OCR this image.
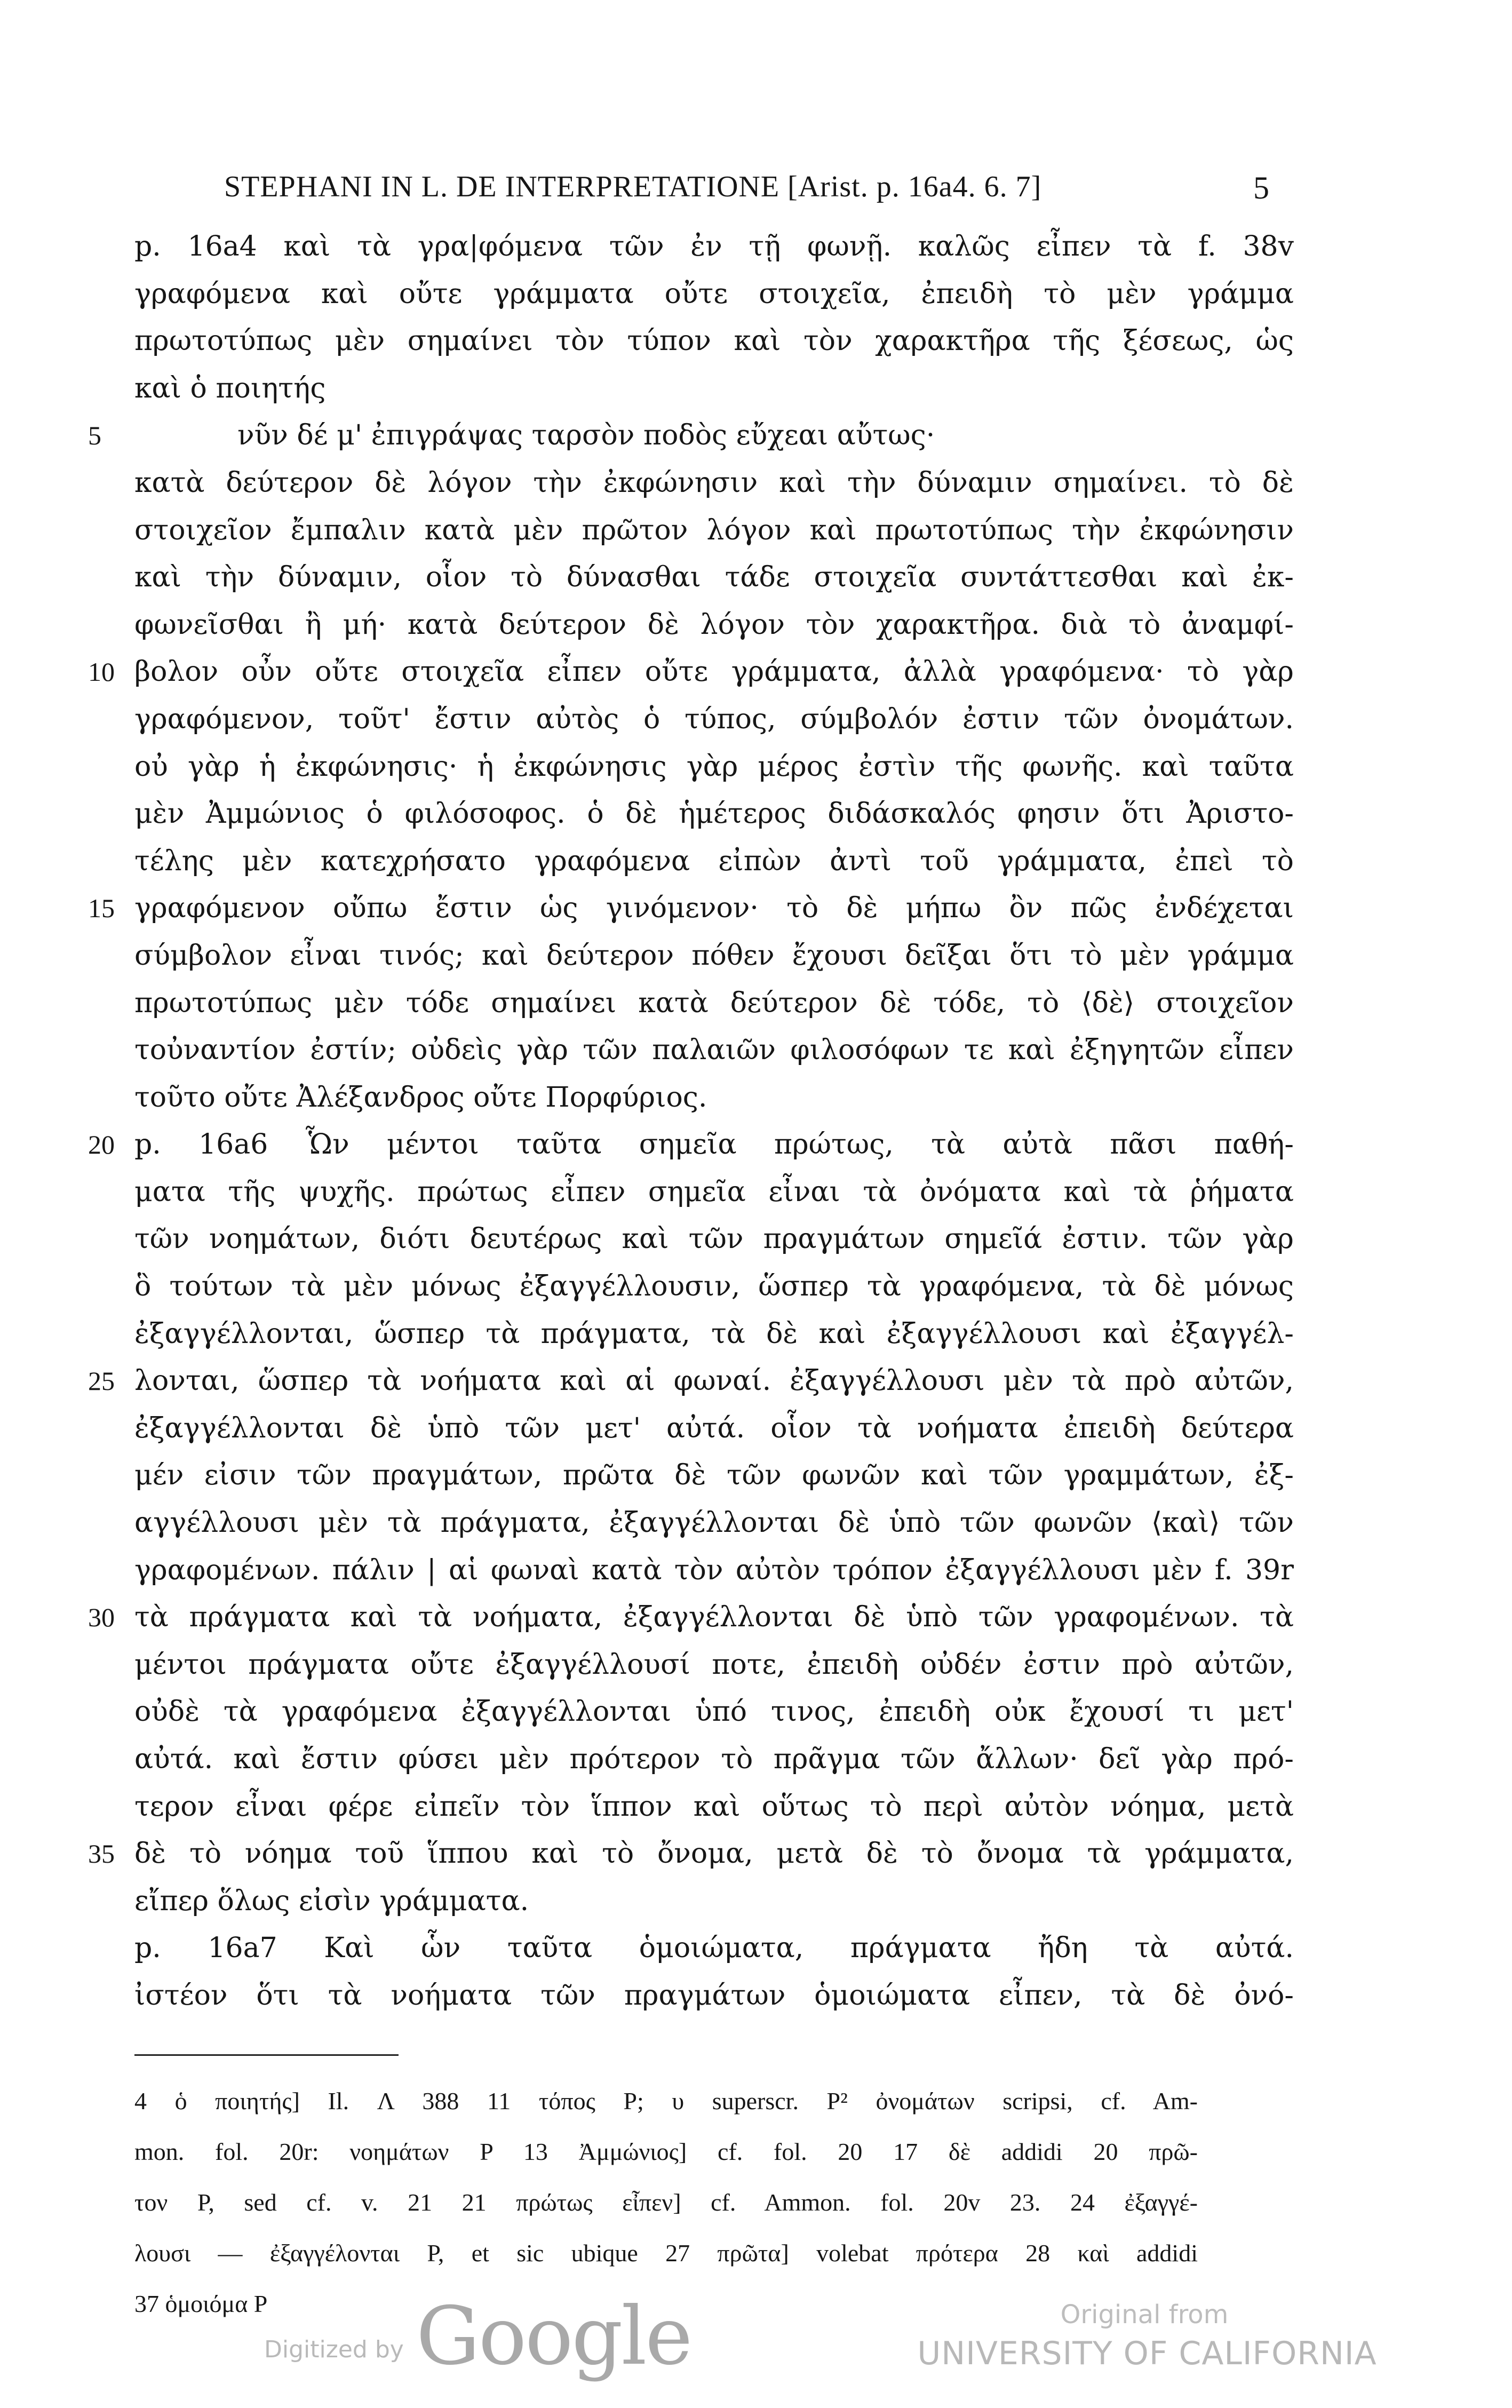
STEPHANI IN L. DE INTERPRETATIONE [Arist. p. 16a4. 6. 7]	5
p. 16a4 καὶ τὰ γρα|φόμενα τῶν ἐν τῇ φωνῇ. καλῶς εἶπεν τὰ f. 38v
γραφόμενα καὶ οὔτε γράμματα οὔτε στοιχεῖα, ἐπειδὴ τὸ μὲν γράμμα
πρωτοτύπως μὲν σημαίνει τὸν τύπον καὶ τὸν χαρακτῆρα τῆς ξέσεως, ὡς
καὶ ὁ ποιητής
5	νῦν δέ μ' ἐπιγράψας ταρσὸν ποδὸς εὔχεαι αὔτως·
κατὰ δεύτερον δὲ λόγον τὴν ἐκφώνησιν καὶ τὴν δύναμιν σημαίνει. τὸ δὲ
στοιχεῖον ἔμπαλιν κατὰ μὲν πρῶτον λόγον καὶ πρωτοτύπως τὴν ἐκφώνησιν
καὶ τὴν δύναμιν, οἷον τὸ δύνασθαι τάδε στοιχεῖα συντάττεσθαι καὶ ἐκ-
φωνεῖσθαι ἢ μή· κατὰ δεύτερον δὲ λόγον τὸν χαρακτῆρα. διὰ τὸ ἀναμφί-
10 βολον οὖν οὔτε στοιχεῖα εἶπεν οὔτε γράμματα, ἀλλὰ γραφόμενα· τὸ γὰρ
γραφόμενον, τοῦτ' ἔστιν αὐτὸς ὁ τύπος, σύμβολόν ἐστιν τῶν ὀνομάτων.
οὐ γὰρ ἡ ἐκφώνησις· ἡ ἐκφώνησις γὰρ μέρος ἐστὶν τῆς φωνῆς. καὶ ταῦτα
μὲν Ἀμμώνιος ὁ φιλόσοφος. ὁ δὲ ἡμέτερος διδάσκαλός φησιν ὅτι Ἀριστο-
τέλης μὲν κατεχρήσατο γραφόμενα εἰπὼν ἀντὶ τοῦ γράμματα, ἐπεὶ τὸ
15 γραφόμενον οὔπω ἔστιν ὡς γινόμενον· τὸ δὲ μήπω ὂν πῶς ἐνδέχεται
σύμβολον εἶναι τινός; καὶ δεύτερον πόθεν ἔχουσι δεῖξαι ὅτι τὸ μὲν γράμμα
πρωτοτύπως μὲν τόδε σημαίνει κατὰ δεύτερον δὲ τόδε, τὸ ⟨δὲ⟩ στοιχεῖον
τοὐναντίον ἐστίν; οὐδεὶς γὰρ τῶν παλαιῶν φιλοσόφων τε καὶ ἐξηγητῶν εἶπεν
τοῦτο οὔτε Ἀλέξανδρος οὔτε Πορφύριος.
20 p. 16a6 Ὧν μέντοι ταῦτα σημεῖα πρώτως, τὰ αὐτὰ πᾶσι παθή-
ματα τῆς ψυχῆς. πρώτως εἶπεν σημεῖα εἶναι τὰ ὀνόματα καὶ τὰ ῥήματα
τῶν νοημάτων, διότι δευτέρως καὶ τῶν πραγμάτων σημεῖά ἐστιν. τῶν γὰρ
ὃ τούτων τὰ μὲν μόνως ἐξαγγέλλουσιν, ὥσπερ τὰ γραφόμενα, τὰ δὲ μόνως
ἐξαγγέλλονται, ὥσπερ τὰ πράγματα, τὰ δὲ καὶ ἐξαγγέλλουσι καὶ ἐξαγγέλ-
25 λονται, ὥσπερ τὰ νοήματα καὶ αἱ φωναί. ἐξαγγέλλουσι μὲν τὰ πρὸ αὐτῶν,
ἐξαγγέλλονται δὲ ὑπὸ τῶν μετ' αὐτά. οἷον τὰ νοήματα ἐπειδὴ δεύτερα
μέν εἰσιν τῶν πραγμάτων, πρῶτα δὲ τῶν φωνῶν καὶ τῶν γραμμάτων, ἐξ-
αγγέλλουσι μὲν τὰ πράγματα, ἐξαγγέλλονται δὲ ὑπὸ τῶν φωνῶν ⟨καὶ⟩ τῶν
γραφομένων. πάλιν | αἱ φωναὶ κατὰ τὸν αὐτὸν τρόπον ἐξαγγέλλουσι μὲν f. 39r
30 τὰ πράγματα καὶ τὰ νοήματα, ἐξαγγέλλονται δὲ ὑπὸ τῶν γραφομένων. τὰ
μέντοι πράγματα οὔτε ἐξαγγέλλουσί ποτε, ἐπειδὴ οὐδέν ἐστιν πρὸ αὐτῶν,
οὐδὲ τὰ γραφόμενα ἐξαγγέλλονται ὑπό τινος, ἐπειδὴ οὐκ ἔχουσί τι μετ'
αὐτά. καὶ ἔστιν φύσει μὲν πρότερον τὸ πρᾶγμα τῶν ἄλλων· δεῖ γὰρ πρό-
τερον εἶναι φέρε εἰπεῖν τὸν ἵππον καὶ οὕτως τὸ περὶ αὐτὸν νόημα, μετὰ
35 δὲ τὸ νόημα τοῦ ἵππου καὶ τὸ ὄνομα, μετὰ δὲ τὸ ὄνομα τὰ γράμματα,
εἴπερ ὅλως εἰσὶν γράμματα.
p. 16a7 Καὶ ὧν ταῦτα ὁμοιώματα, πράγματα ἤδη τὰ αὐτά.
ἰστέον ὅτι τὰ νοήματα τῶν πραγμάτων ὁμοιώματα εἶπεν, τὰ δὲ ὀνό-
4 ὁ ποιητής] Il. Λ 388 11 τόπος P; υ superscr. P² ὀνομάτων scripsi, cf. Am-
mon. fol. 20r: νοημάτων P 13 Ἀμμώνιος] cf. fol. 20 17 δὲ addidi 20 πρῶ-
τον P, sed cf. v. 21 21 πρώτως εἶπεν] cf. Ammon. fol. 20v 23. 24 ἐξαγγέ-
λουσι — ἐξαγγέλονται P, et sic ubique 27 πρῶτα] volebat πρότερα 28 καὶ addidi
37 ὁμοιόμα P
Digitized by Google	Original from
UNIVERSITY OF CALIFORNIA
